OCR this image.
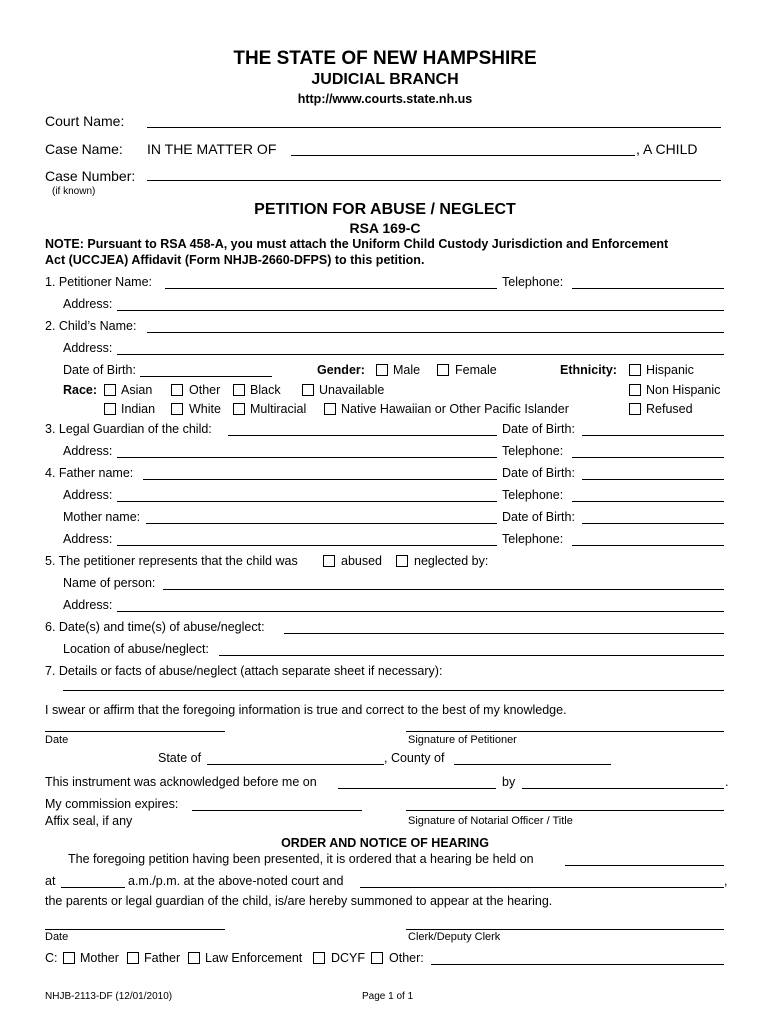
THE STATE OF NEW HAMPSHIRE
JUDICIAL BRANCH
http://www.courts.state.nh.us
Court Name:
Case Name: IN THE MATTER OF	, A CHILD
Case Number:
(if known)
PETITION FOR ABUSE / NEGLECT
RSA 169-C
NOTE: Pursuant to RSA 458-A, you must attach the Uniform Child Custody Jurisdiction and Enforcement
Act (UCCJEA) Affidavit (Form NHJB-2660-DFPS) to this petition.
1. Petitioner Name:	Telephone:
Address:
2. Child’s Name:
Address:
Date of Birth:	Gender: Male	Female	Ethnicity: Hispanic
Race: Asian	Other Black	Unavailable	Non Hispanic
Indian	White Multiracial	Native Hawaiian or Other Pacific Islander	Refused
3. Legal Guardian of the child:	Date of Birth:
Address:	Telephone:
4. Father name:	Date of Birth:
Address:	Telephone:
Mother name:	Date of Birth:
Address:	Telephone:
5. The petitioner represents that the child was	abused	neglected by:
Name of person:
Address:
6. Date(s) and time(s) of abuse/neglect:
Location of abuse/neglect:
7. Details or facts of abuse/neglect (attach separate sheet if necessary):
I swear or affirm that the foregoing information is true and correct to the best of my knowledge.
Date	Signature of Petitioner
State of	, County of
This instrument was acknowledged before me on	by	.
My commission expires:
Affix seal, if any	Signature of Notarial Officer / Title
ORDER AND NOTICE OF HEARING
The foregoing petition having been presented, it is ordered that a hearing be held on
at	a.m./p.m. at the above-noted court and	,
the parents or legal guardian of the child, is/are hereby summoned to appear at the hearing.
Date	Clerk/Deputy Clerk
C: Mother Father Law Enforcement DCYF Other:
NHJB-2113-DF (12/01/2010)	Page 1 of 1
